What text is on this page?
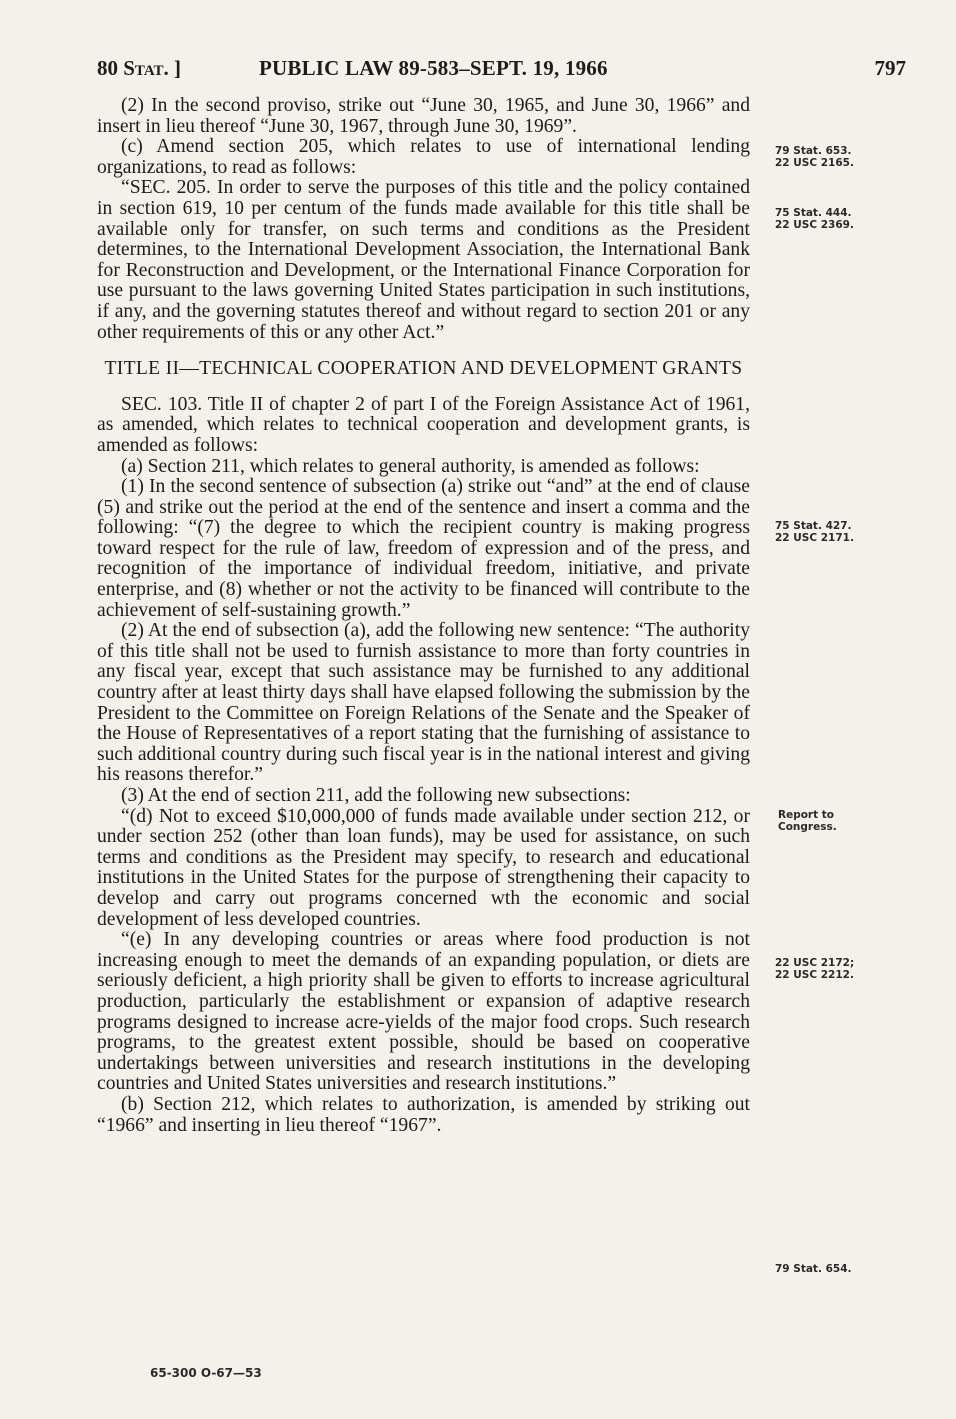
80 Stat. ]	PUBLIC LAW 89-583–SEPT. 19, 1966	797

(2) In the second proviso, strike out “June 30, 1965, and June 30, 1966” and insert in lieu thereof “June 30, 1967, through June 30, 1969”.

(c) Amend section 205, which relates to use of international lending organizations, to read as follows:

“SEC. 205. In order to serve the purposes of this title and the policy contained in section 619, 10 per centum of the funds made available for this title shall be available only for transfer, on such terms and conditions as the President determines, to the International Development Association, the International Bank for Reconstruction and Development, or the International Finance Corporation for use pursuant to the laws governing United States participation in such institutions, if any, and the governing statutes thereof and without regard to section 201 or any other requirements of this or any other Act.”

TITLE II—TECHNICAL COOPERATION AND DEVELOPMENT GRANTS

SEC. 103. Title II of chapter 2 of part I of the Foreign Assistance Act of 1961, as amended, which relates to technical cooperation and development grants, is amended as follows:

(a) Section 211, which relates to general authority, is amended as follows:

(1) In the second sentence of subsection (a) strike out “and” at the end of clause (5) and strike out the period at the end of the sentence and insert a comma and the following: “(7) the degree to which the recipient country is making progress toward respect for the rule of law, freedom of expression and of the press, and recognition of the importance of individual freedom, initiative, and private enterprise, and (8) whether or not the activity to be financed will contribute to the achievement of self-sustaining growth.”

(2) At the end of subsection (a), add the following new sentence: “The authority of this title shall not be used to furnish assistance to more than forty countries in any fiscal year, except that such assistance may be furnished to any additional country after at least thirty days shall have elapsed following the submission by the President to the Committee on Foreign Relations of the Senate and the Speaker of the House of Representatives of a report stating that the furnishing of assistance to such additional country during such fiscal year is in the national interest and giving his reasons therefor.”

(3) At the end of section 211, add the following new subsections:

“(d) Not to exceed $10,000,000 of funds made available under section 212, or under section 252 (other than loan funds), may be used for assistance, on such terms and conditions as the President may specify, to research and educational institutions in the United States for the purpose of strengthening their capacity to develop and carry out programs concerned wth the economic and social development of less developed countries.

“(e) In any developing countries or areas where food production is not increasing enough to meet the demands of an expanding population, or diets are seriously deficient, a high priority shall be given to efforts to increase agricultural production, particularly the establishment or expansion of adaptive research programs designed to increase acre-yields of the major food crops. Such research programs, to the greatest extent possible, should be based on cooperative undertakings between universities and research institutions in the developing countries and United States universities and research institutions.”

(b) Section 212, which relates to authorization, is amended by striking out “1966” and inserting in lieu thereof “1967”.

79 Stat. 653.
22 USC 2165.
75 Stat. 444.
22 USC 2369.
75 Stat. 427.
22 USC 2171.
Report to
Congress.
22 USC 2172;
22 USC 2212.
79 Stat. 654.
65-300 O-67—53
